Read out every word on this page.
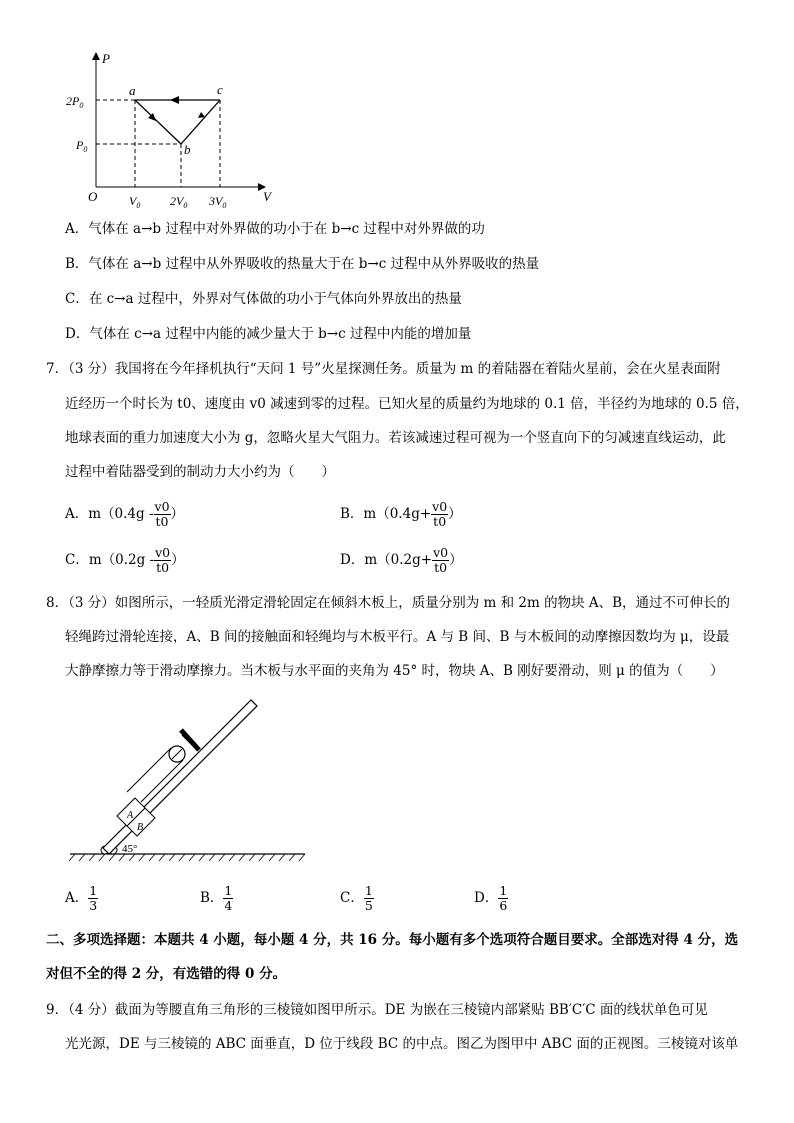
P
V
O
$2P_0$
$P_0$
$V_0$ $2V_0$ $3V_0$
a
b
c
A．气体在 a→b 过程中对外界做的功小于在 b→c 过程中对外界做的功
B．气体在 a→b 过程中从外界吸收的热量大于在 b→c 过程中从外界吸收的热量
C．在 c→a 过程中，外界对气体做的功小于气体向外界放出的热量
D．气体在 c→a 过程中内能的减少量大于 b→c 过程中内能的增加量
7．（3 分）我国将在今年择机执行“天问 1 号”火星探测任务。质量为 m 的着陆器在着陆火星前，会在火星表面附
近经历一个时长为 t0、速度由 v0 减速到零的过程。已知火星的质量约为地球的 0.1 倍，半径约为地球的 0.5 倍，
地球表面的重力加速度大小为 g，忽略火星大气阻力。若该减速过程可视为一个竖直向下的匀减速直线运动，此
过程中着陆器受到的制动力大小约为（　　）
A．$m(0.4g - \frac{v0}{t0}$ ）	B．$m(0.4g+ \frac{v0}{t0}$ ）
C．$m(0.2g - \frac{v0}{t0}$ ）	D．$m(0.2g+ \frac{v0}{t0}$ ）
8．（3 分）如图所示，一轻质光滑定滑轮固定在倾斜木板上，质量分别为 m 和 2m 的物块 A、B，通过不可伸长的
轻绳跨过滑轮连接，A、B 间的接触面和轻绳均与木板平行。A 与 B 间、B 与木板间的动摩擦因数均为 μ，设最
大静摩擦力等于滑动摩擦力。当木板与水平面的夹角为 45° 时，物块 A、B 刚好要滑动，则 μ 的值为（　　）
A
B
45°
A． $\frac{1}{3}$	B． $\frac{1}{4}$	C． $\frac{1}{5}$	D． $\frac{1}{6}$
二、多项选择题：本题共 4 小题，每小题 4 分，共 16 分。每小题有多个选项符合题目要求。全部选对得 4 分，选
对但不全的得 2 分，有选错的得 0 分。
9．（4 分）截面为等腰直角三角形的三棱镜如图甲所示。DE 为嵌在三棱镜内部紧贴 BB′C′C 面的线状单色可见
光光源，DE 与三棱镜的 ABC 面垂直，D 位于线段 BC 的中点。图乙为图甲中 ABC 面的正视图。三棱镜对该单
